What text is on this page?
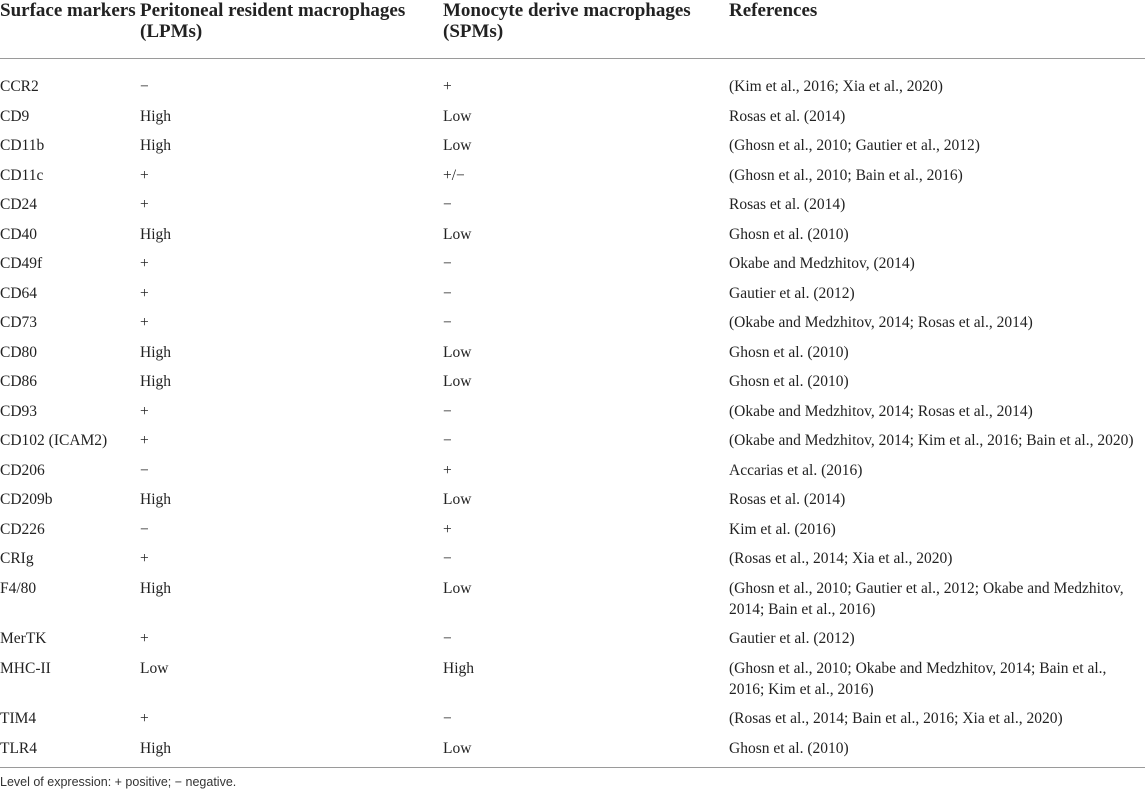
Surface markers	Peritoneal resident macrophages (LPMs)	Monocyte derive macrophages (SPMs)	References
CCR2	−	+	(Kim et al., 2016; Xia et al., 2020)
CD9	High	Low	Rosas et al. (2014)
CD11b	High	Low	(Ghosn et al., 2010; Gautier et al., 2012)
CD11c	+	+/−	(Ghosn et al., 2010; Bain et al., 2016)
CD24	+	−	Rosas et al. (2014)
CD40	High	Low	Ghosn et al. (2010)
CD49f	+	−	Okabe and Medzhitov, (2014)
CD64	+	−	Gautier et al. (2012)
CD73	+	−	(Okabe and Medzhitov, 2014; Rosas et al., 2014)
CD80	High	Low	Ghosn et al. (2010)
CD86	High	Low	Ghosn et al. (2010)
CD93	+	−	(Okabe and Medzhitov, 2014; Rosas et al., 2014)
CD102 (ICAM2)	+	−	(Okabe and Medzhitov, 2014; Kim et al., 2016; Bain et al., 2020)
CD206	−	+	Accarias et al. (2016)
CD209b	High	Low	Rosas et al. (2014)
CD226	−	+	Kim et al. (2016)
CRIg	+	−	(Rosas et al., 2014; Xia et al., 2020)
F4/80	High	Low	(Ghosn et al., 2010; Gautier et al., 2012; Okabe and Medzhitov, 2014; Bain et al., 2016)
MerTK	+	−	Gautier et al. (2012)
MHC-II	Low	High	(Ghosn et al., 2010; Okabe and Medzhitov, 2014; Bain et al., 2016; Kim et al., 2016)
TIM4	+	−	(Rosas et al., 2014; Bain et al., 2016; Xia et al., 2020)
TLR4	High	Low	Ghosn et al. (2010)
Level of expression: + positive; − negative.
